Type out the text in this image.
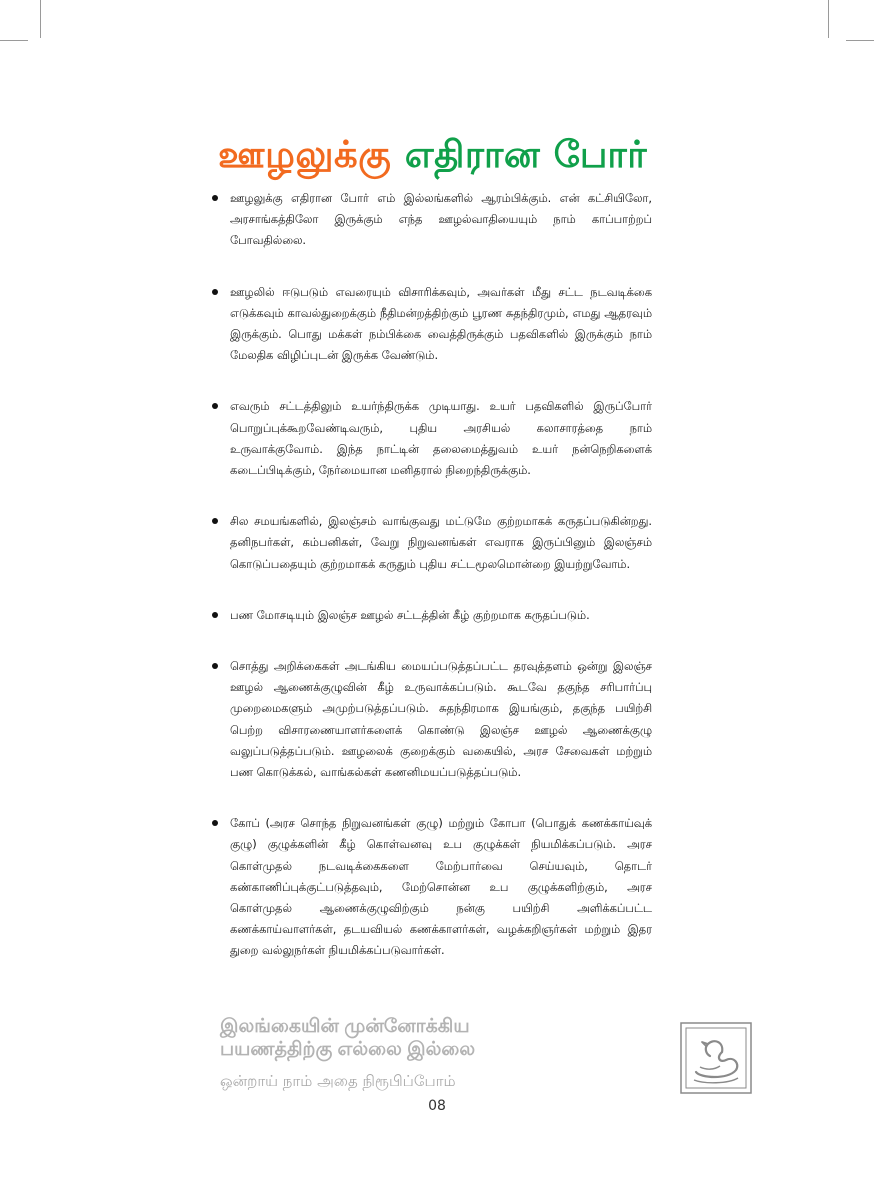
ஊழலுக்கு எதிரான போர்
ஊழலுக்கு எதிரான போர் எம் இல்லங்களில் ஆரம்பிக்கும். என் கட்சியிலோ, அரசாங்கத்திலோ இருக்கும் எந்த ஊழல்வாதியையும் நாம் காப்பாற்றப் போவதில்லை.
ஊழலில் ஈடுபடும் எவரையும் விசாரிக்கவும், அவர்கள் மீது சட்ட நடவடிக்கை எடுக்கவும் காவல்துறைக்கும் நீதிமன்றத்திற்கும் பூரண சுதந்திரமும், எமது ஆதரவும் இருக்கும். பொது மக்கள் நம்பிக்கை வைத்திருக்கும் பதவிகளில் இருக்கும் நாம் மேலதிக விழிப்புடன் இருக்க வேண்டும்.
எவரும் சட்டத்திலும் உயர்ந்திருக்க முடியாது. உயர் பதவிகளில் இருப்போர் பொறுப்புக்கூறவேண்டிவரும், புதிய அரசியல் கலாசாரத்தை நாம் உருவாக்குவோம். இந்த நாட்டின் தலைமைத்துவம் உயர் நன்நெறிகளைக் கடைப்பிடிக்கும், நேர்மையான மனிதரால் நிறைந்திருக்கும்.
சில சமயங்களில், இலஞ்சம் வாங்குவது மட்டுமே குற்றமாகக் கருதப்படுகின்றது. தனிநபர்கள், கம்பனிகள், வேறு நிறுவனங்கள் எவராக இருப்பினும் இலஞ்சம் கொடுப்பதையும் குற்றமாகக் கருதும் புதிய சட்டமூலமொன்றை இயற்றுவோம்.
பண மோசடியும் இலஞ்ச ஊழல் சட்டத்தின் கீழ் குற்றமாக கருதப்படும்.
சொத்து அறிக்கைகள் அடங்கிய மையப்படுத்தப்பட்ட தரவுத்தளம் ஒன்று இலஞ்ச ஊழல் ஆணைக்குழுவின் கீழ் உருவாக்கப்படும். கூடவே தகுந்த சரிபார்ப்பு முறைமைகளும் அமுற்படுத்தப்படும். சுதந்திரமாக இயங்கும், தகுந்த பயிற்சி பெற்ற விசாரணையாளர்களைக் கொண்டு இலஞ்ச ஊழல் ஆணைக்குழு வலுப்படுத்தப்படும். ஊழலைக் குறைக்கும் வகையில், அரச சேவைகள் மற்றும் பண கொடுக்கல், வாங்கல்கள் கணனிமயப்படுத்தப்படும்.
கோப் (அரச சொந்த நிறுவனங்கள் குழு) மற்றும் கோபா (பொதுக் கணக்காய்வுக் குழு) குழுக்களின் கீழ் கொள்வனவு உப குழுக்கள் நியமிக்கப்படும். அரச கொள்முதல் நடவடிக்கைகளை மேற்பார்வை செய்யவும், தொடர் கண்காணிப்புக்குட்படுத்தவும், மேற்சொன்ன உப குழுக்களிற்கும், அரச கொள்முதல் ஆணைக்குழுவிற்கும் நன்கு பயிற்சி அளிக்கப்பட்ட கணக்காய்வாளர்கள், தடயவியல் கணக்காளர்கள், வழக்கறிஞர்கள் மற்றும் இதர துறை வல்லுநர்கள் நியமிக்கப்படுவார்கள்.
இலங்கையின் முன்னோக்கிய
பயணத்திற்கு எல்லை இல்லை
ஒன்றாய் நாம் அதை நிரூபிப்போம்
08
